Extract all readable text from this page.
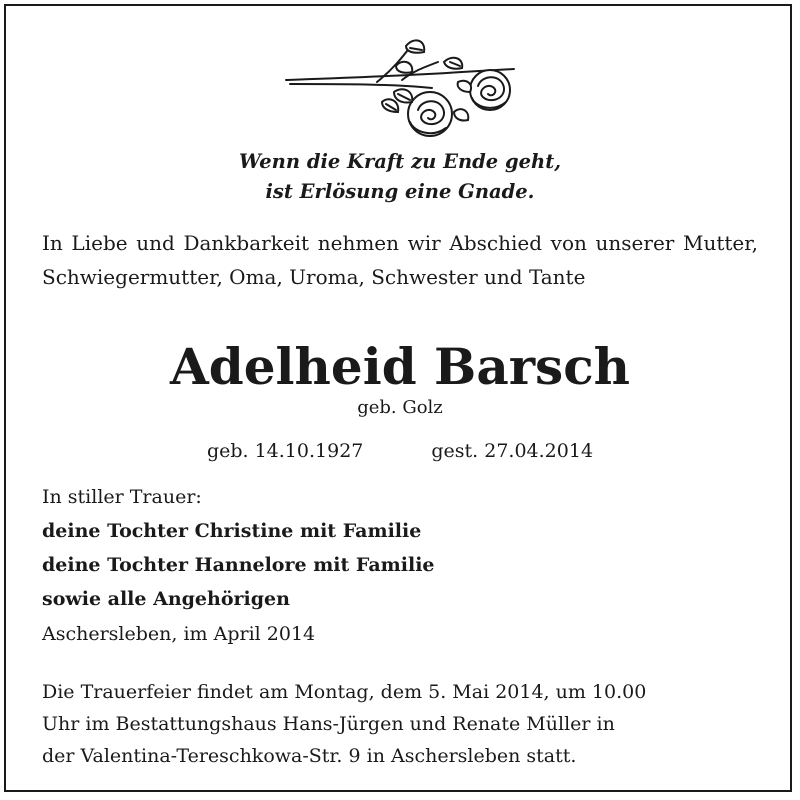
Wenn die Kraft zu Ende geht,
ist Erlösung eine Gnade.
In Liebe und Dankbarkeit nehmen wir Abschied von unserer Mutter, Schwiegermutter, Oma, Uroma, Schwester und Tante
Adelheid Barsch
geb. Golz
geb. 14.10.1927	gest. 27.04.2014
In stiller Trauer:
deine Tochter Christine mit Familie
deine Tochter Hannelore mit Familie
sowie alle Angehörigen
Aschersleben, im April 2014
Die Trauerfeier findet am Montag, dem 5. Mai 2014, um 10.00
Uhr im Bestattungshaus Hans-Jürgen und Renate Müller in
der Valentina-Tereschkowa-Str. 9 in Aschersleben statt.
